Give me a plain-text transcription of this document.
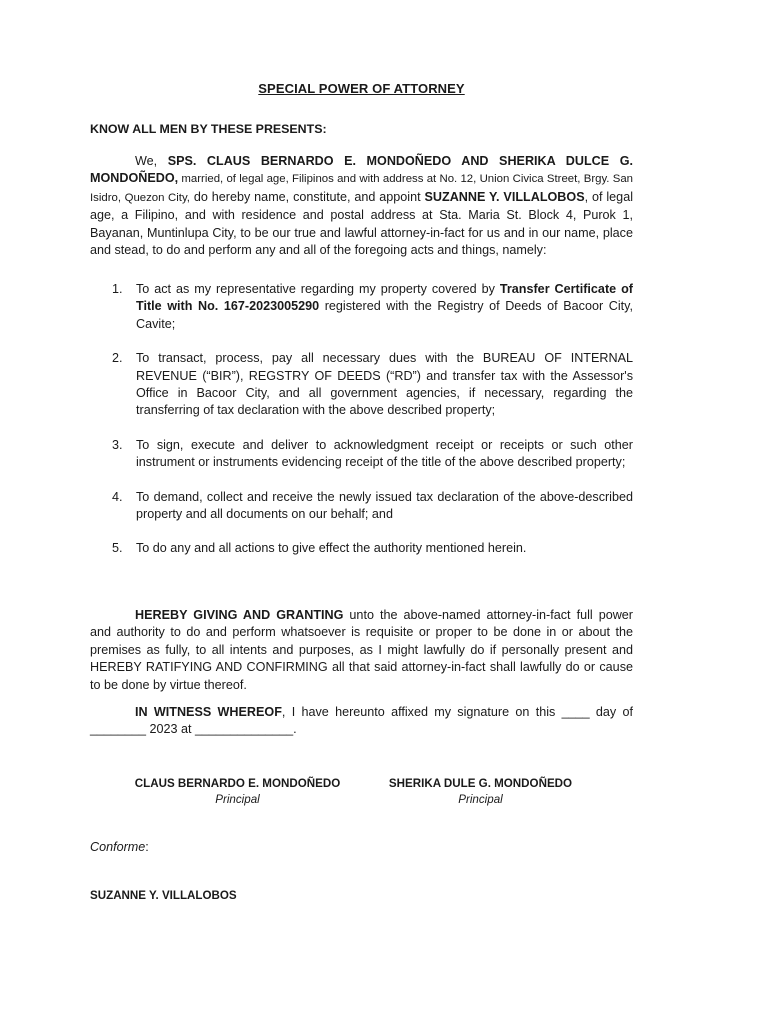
SPECIAL POWER OF ATTORNEY
KNOW ALL MEN BY THESE PRESENTS:

We, SPS. CLAUS BERNARDO E. MONDOÑEDO AND SHERIKA DULCE G. MONDOÑEDO, married, of legal age, Filipinos and with address at No. 12, Union Civica Street, Brgy. San Isidro, Quezon City, do hereby name, constitute, and appoint SUZANNE Y. VILLALOBOS, of legal age, a Filipino, and with residence and postal address at Sta. Maria St. Block 4, Purok 1, Bayanan, Muntinlupa City, to be our true and lawful attorney-in-fact for us and in our name, place and stead, to do and perform any and all of the foregoing acts and things, namely:

1. To act as my representative regarding my property covered by Transfer Certificate of Title with No. 167-2023005290 registered with the Registry of Deeds of Bacoor City, Cavite;
2. To transact, process, pay all necessary dues with the BUREAU OF INTERNAL REVENUE (“BIR”), REGSTRY OF DEEDS (“RD”) and transfer tax with the Assessor's Office in Bacoor City, and all government agencies, if necessary, regarding the transferring of tax declaration with the above described property;
3. To sign, execute and deliver to acknowledgment receipt or receipts or such other instrument or instruments evidencing receipt of the title of the above described property;
4. To demand, collect and receive the newly issued tax declaration of the above-described property and all documents on our behalf; and
5. To do any and all actions to give effect the authority mentioned herein.

HEREBY GIVING AND GRANTING unto the above-named attorney-in-fact full power and authority to do and perform whatsoever is requisite or proper to be done in or about the premises as fully, to all intents and purposes, as I might lawfully do if personally present and HEREBY RATIFYING AND CONFIRMING all that said attorney-in-fact shall lawfully do or cause to be done by virtue thereof.

IN WITNESS WHEREOF, I have hereunto affixed my signature on this ____ day of ________ 2023 at ______________.

CLAUS BERNARDO E. MONDOÑEDO
Principal
SHERIKA DULE G. MONDOÑEDO
Principal
Conforme:
SUZANNE Y. VILLALOBOS
